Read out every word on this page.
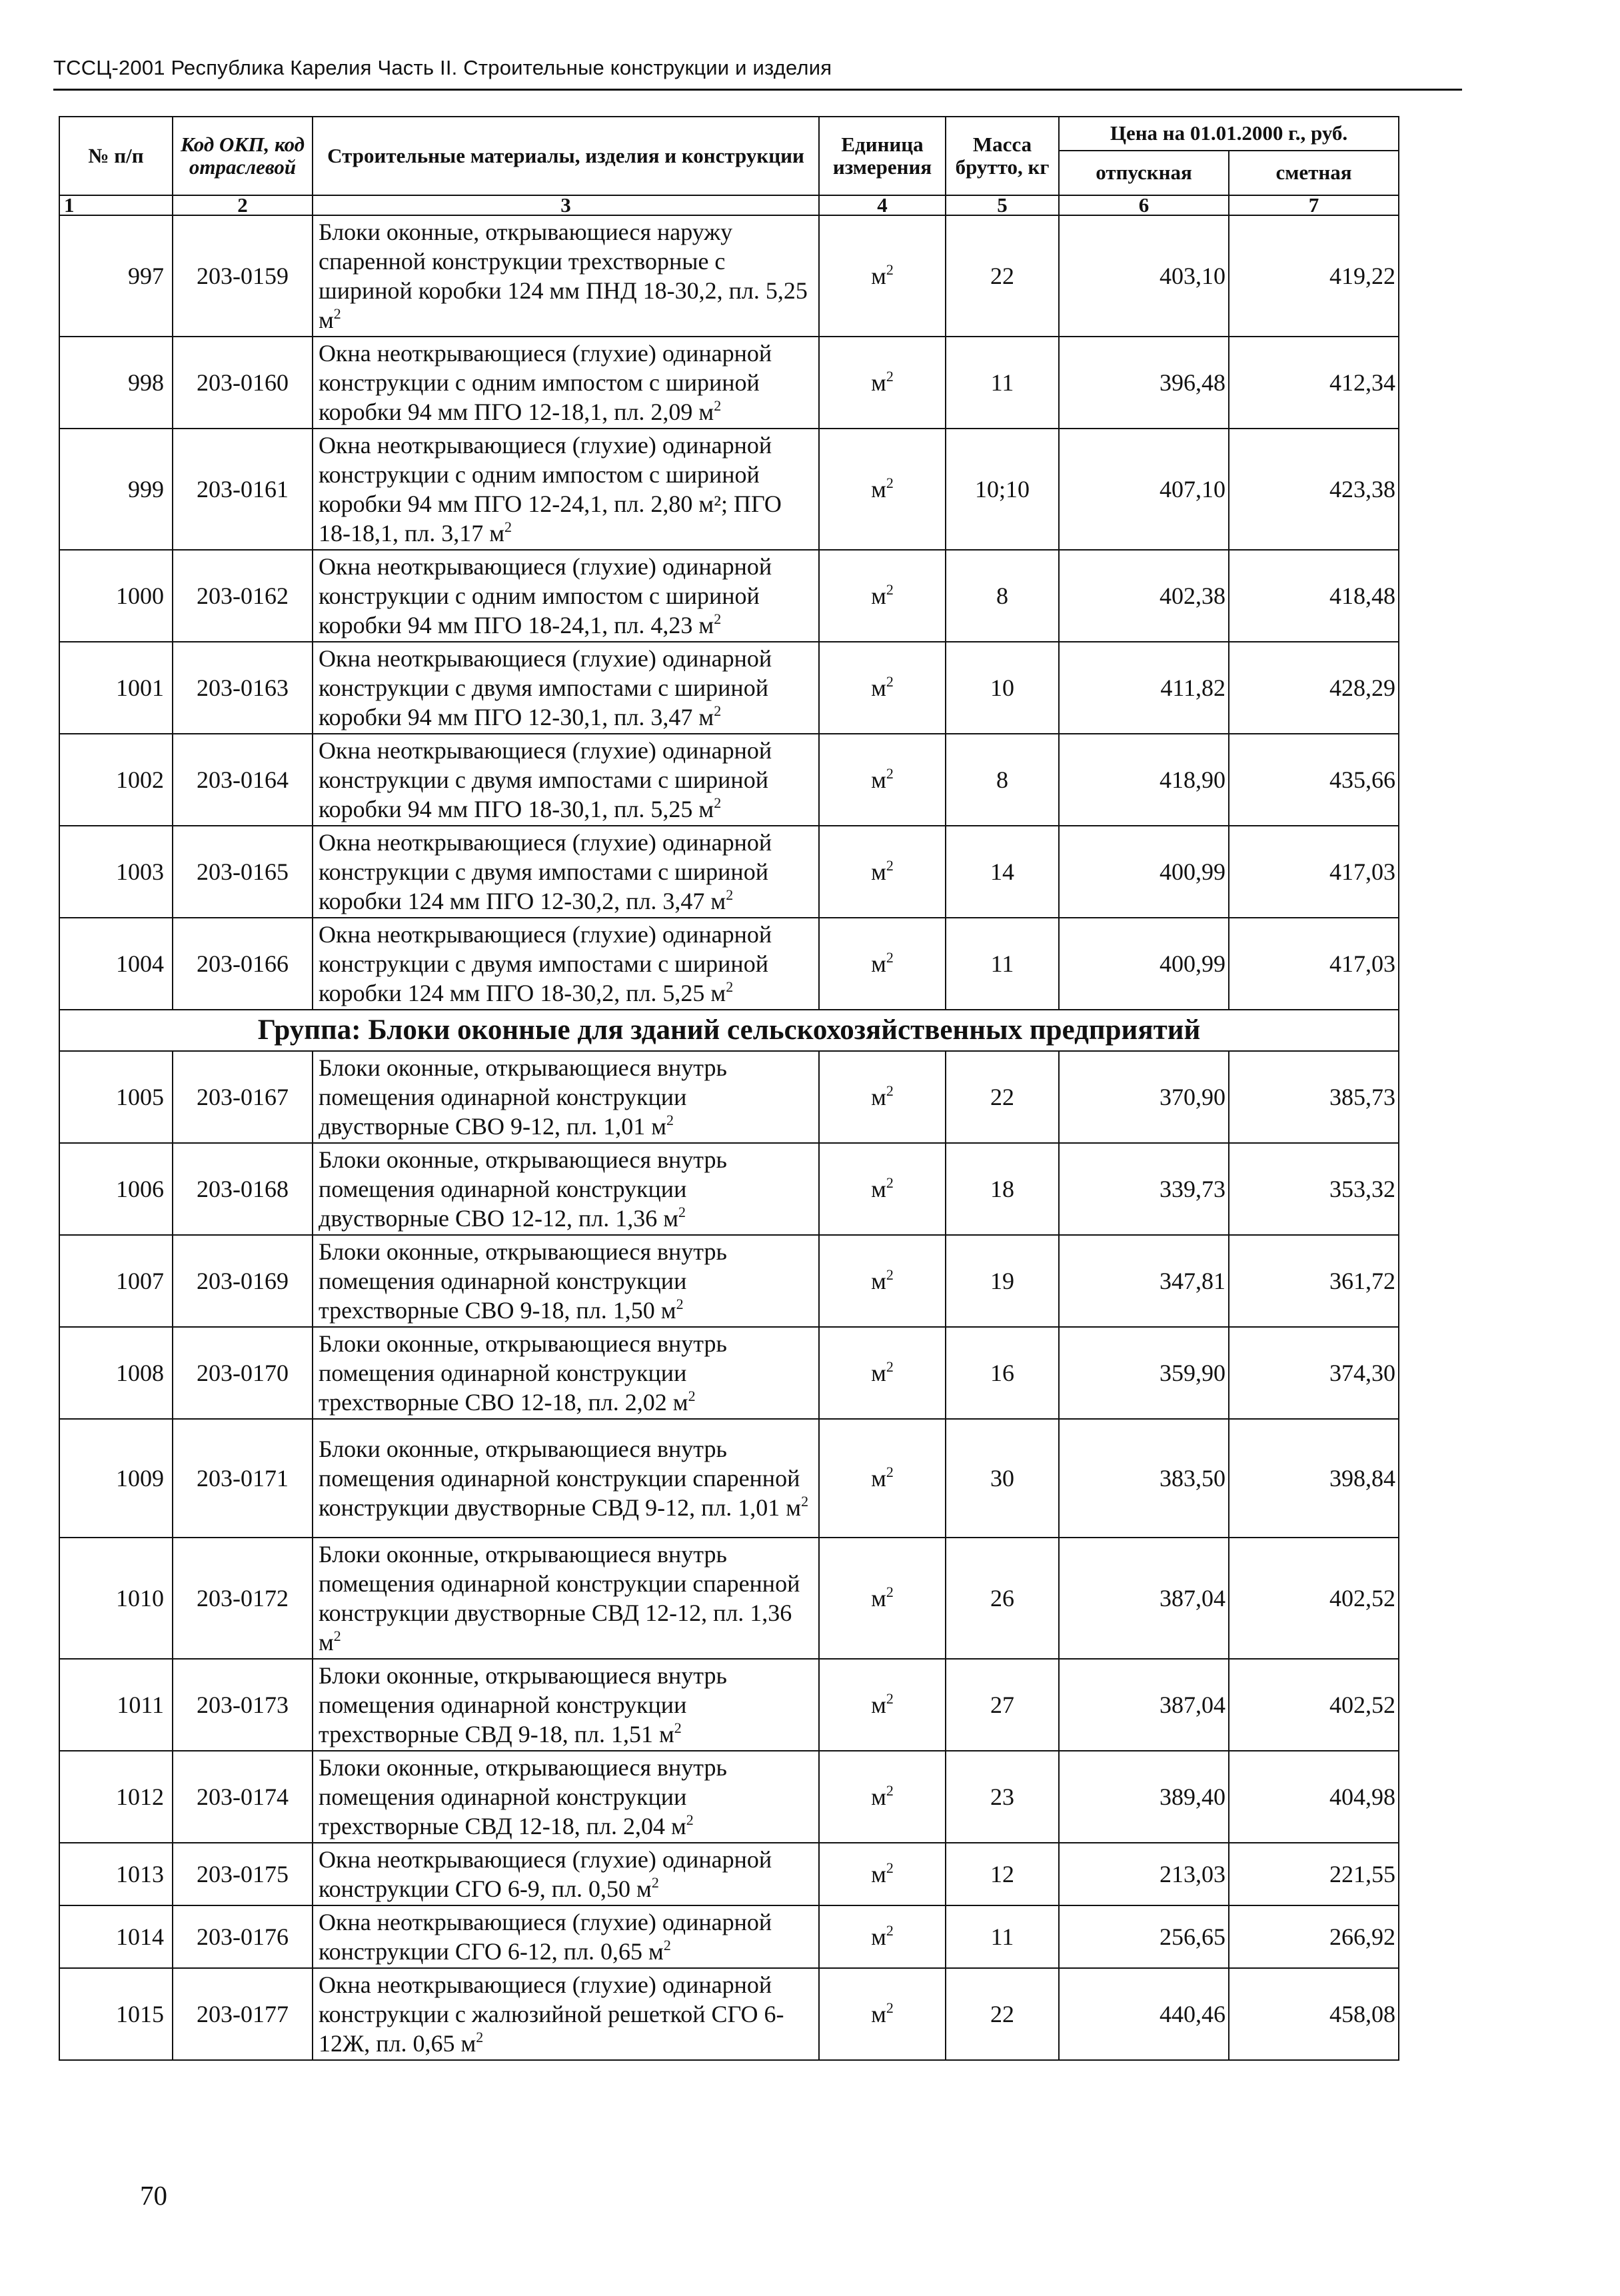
ТССЦ-2001 Республика Карелия Часть II. Строительные конструкции и изделия
№ п/п	Код ОКП, код отраслевой	Строительные материалы, изделия и конструкции	Единица измерения	Масса брутто, кг	Цена на 01.01.2000 г., руб.	
					отпускная	сметная
1	2	3	4	5	6	7
997	203-0159	Блоки оконные, открывающиеся наружу спаренной конструкции трехстворные с шириной коробки 124 мм ПНД 18-30,2, пл. 5,25 $м^2$	$м^2$	22	403,10	419,22
998	203-0160	Окна неоткрывающиеся (глухие) одинарной конструкции с одним импостом с шириной коробки 94 мм ПГО 12-18,1, пл. 2,09 $м^2$	$м^2$	11	396,48	412,34
999	203-0161	Окна неоткрывающиеся (глухие) одинарной конструкции с одним импостом с шириной коробки 94 мм ПГО 12-24,1, пл. 2,80 м²; ПГО 18-18,1, пл. 3,17 $м^2$	$м^2$	10;10	407,10	423,38
1000	203-0162	Окна неоткрывающиеся (глухие) одинарной конструкции с одним импостом с шириной коробки 94 мм ПГО 18-24,1, пл. 4,23 $м^2$	$м^2$	8	402,38	418,48
1001	203-0163	Окна неоткрывающиеся (глухие) одинарной конструкции с двумя импостами с шириной коробки 94 мм ПГО 12-30,1, пл. 3,47 $м^2$	$м^2$	10	411,82	428,29
1002	203-0164	Окна неоткрывающиеся (глухие) одинарной конструкции с двумя импостами с шириной коробки 94 мм ПГО 18-30,1, пл. 5,25 $м^2$	$м^2$	8	418,90	435,66
1003	203-0165	Окна неоткрывающиеся (глухие) одинарной конструкции с двумя импостами с шириной коробки 124 мм ПГО 12-30,2, пл. 3,47 $м^2$	$м^2$	14	400,99	417,03
1004	203-0166	Окна неоткрывающиеся (глухие) одинарной конструкции с двумя импостами с шириной коробки 124 мм ПГО 18-30,2, пл. 5,25 $м^2$	$м^2$	11	400,99	417,03
Группа: Блоки оконные для зданий сельскохозяйственных предприятий						
1005	203-0167	Блоки оконные, открывающиеся внутрь помещения одинарной конструкции двустворные СВО 9-12, пл. 1,01 $м^2$	$м^2$	22	370,90	385,73
1006	203-0168	Блоки оконные, открывающиеся внутрь помещения одинарной конструкции двустворные СВО 12-12, пл. 1,36 $м^2$	$м^2$	18	339,73	353,32
1007	203-0169	Блоки оконные, открывающиеся внутрь помещения одинарной конструкции трехстворные СВО 9-18, пл. 1,50 $м^2$	$м^2$	19	347,81	361,72
1008	203-0170	Блоки оконные, открывающиеся внутрь помещения одинарной конструкции трехстворные СВО 12-18, пл. 2,02 $м^2$	$м^2$	16	359,90	374,30
1009	203-0171	Блоки оконные, открывающиеся внутрь помещения одинарной конструкции спаренной конструкции двустворные СВД 9-12, пл. 1,01 $м^2$	$м^2$	30	383,50	398,84
1010	203-0172	Блоки оконные, открывающиеся внутрь помещения одинарной конструкции спаренной конструкции двустворные СВД 12-12, пл. 1,36 $м^2$	$м^2$	26	387,04	402,52
1011	203-0173	Блоки оконные, открывающиеся внутрь помещения одинарной конструкции трехстворные СВД 9-18, пл. 1,51 $м^2$	$м^2$	27	387,04	402,52
1012	203-0174	Блоки оконные, открывающиеся внутрь помещения одинарной конструкции трехстворные СВД 12-18, пл. 2,04 $м^2$	$м^2$	23	389,40	404,98
1013	203-0175	Окна неоткрывающиеся (глухие) одинарной конструкции СГО 6-9, пл. 0,50 $м^2$	$м^2$	12	213,03	221,55
1014	203-0176	Окна неоткрывающиеся (глухие) одинарной конструкции СГО 6-12, пл. 0,65 $м^2$	$м^2$	11	256,65	266,92
1015	203-0177	Окна неоткрывающиеся (глухие) одинарной конструкции с жалюзийной решеткой СГО 6-12Ж, пл. 0,65 $м^2$	$м^2$	22	440,46	458,08
70
